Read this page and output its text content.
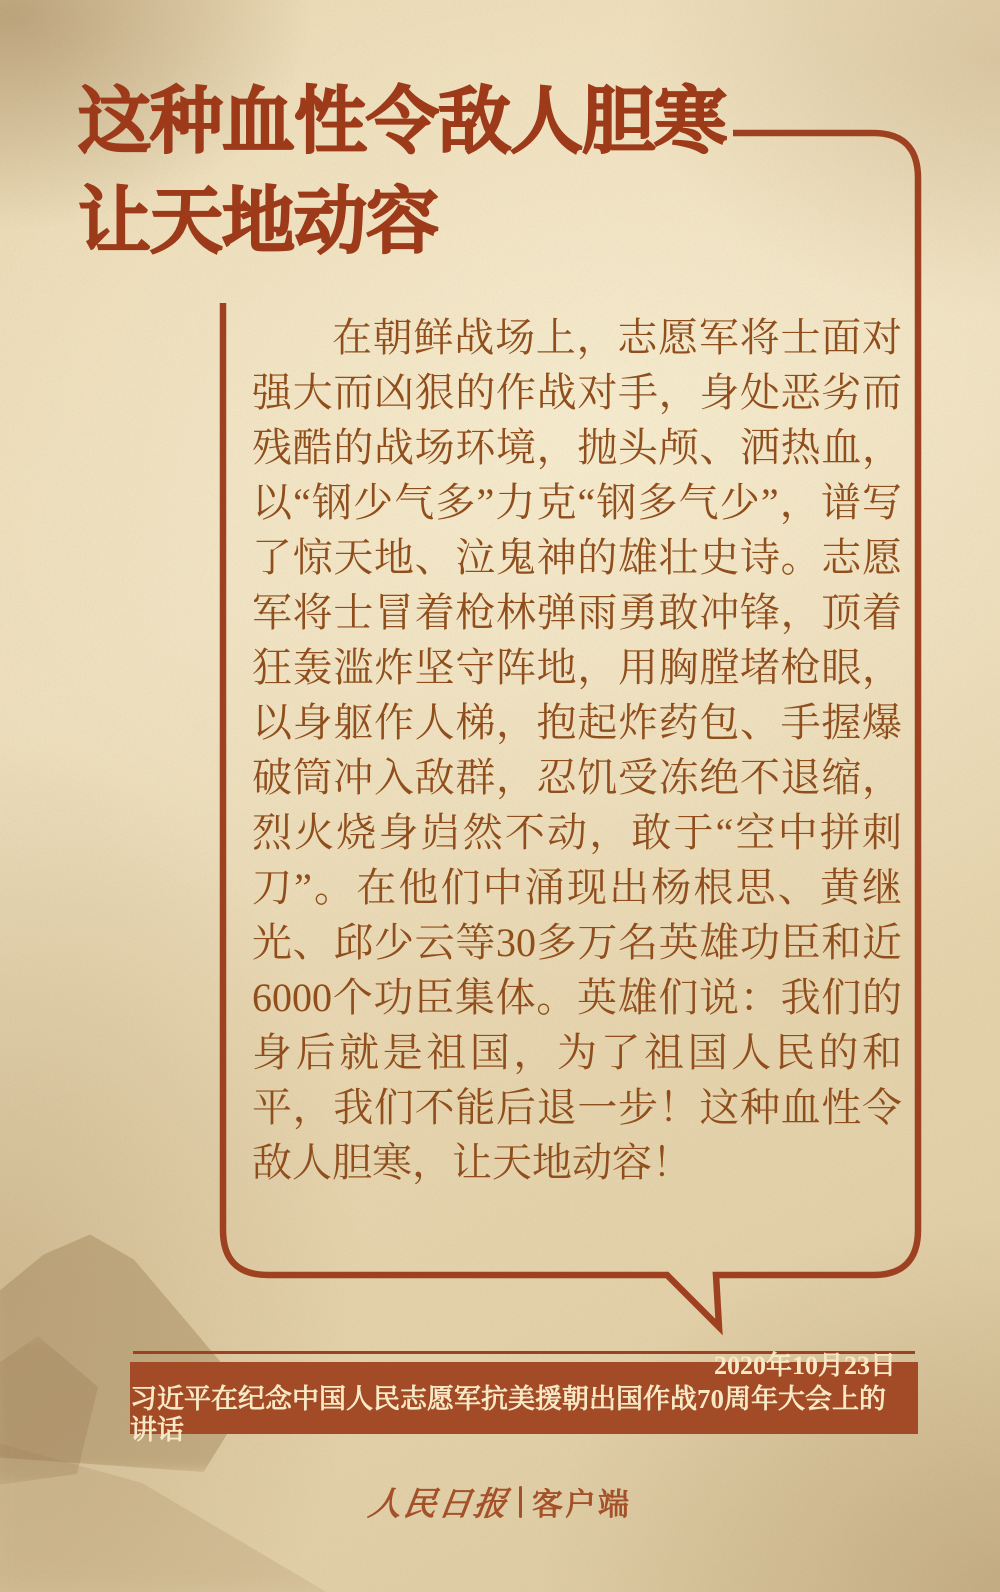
这种血性令敌人胆寒
让天地动容

在朝鲜战场上，志愿军将士面对强大而凶狠的作战对手，身处恶劣而残酷的战场环境，抛头颅、洒热血，以“钢少气多”力克“钢多气少”，谱写了惊天地、泣鬼神的雄壮史诗。志愿军将士冒着枪林弹雨勇敢冲锋，顶着狂轰滥炸坚守阵地，用胸膛堵枪眼，以身躯作人梯，抱起炸药包、手握爆破筒冲入敌群，忍饥受冻绝不退缩，烈火烧身岿然不动，敢于“空中拼刺刀”。在他们中涌现出杨根思、黄继光、邱少云等30多万名英雄功臣和近6000个功臣集体。英雄们说：我们的身后就是祖国，为了祖国人民的和平，我们不能后退一步！这种血性令敌人胆寒，让天地动容！

2020年10月23日
习近平在纪念中国人民志愿军抗美援朝出国作战70周年大会上的讲话
人民日报 客户端
